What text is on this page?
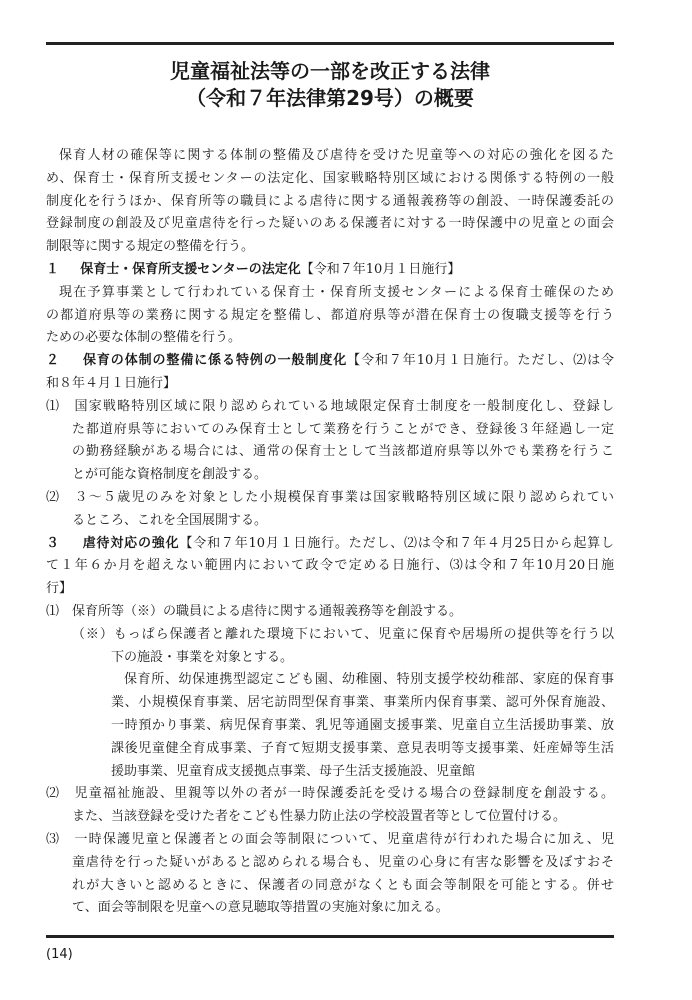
児童福祉法等の一部を改正する法律
（令和７年法律第29号）の概要
保育人材の確保等に関する体制の整備及び虐待を受けた児童等への対応の強化を図るた
め、保育士・保育所支援センターの法定化、国家戦略特別区域における関係する特例の一般
制度化を行うほか、保育所等の職員による虐待に関する通報義務等の創設、一時保護委託の
登録制度の創設及び児童虐待を行った疑いのある保護者に対する一時保護中の児童との面会
制限等に関する規定の整備を行う。
１ 保育士・保育所支援センターの法定化【令和７年10月１日施行】
現在予算事業として行われている保育士・保育所支援センターによる保育士確保のため
の都道府県等の業務に関する規定を整備し、都道府県等が潜在保育士の復職支援等を行う
ための必要な体制の整備を行う。
２ 保育の体制の整備に係る特例の一般制度化【令和７年10月１日施行。ただし、⑵は令
和８年４月１日施行】
⑴　国家戦略特別区域に限り認められている地域限定保育士制度を一般制度化し、登録し
た都道府県等においてのみ保育士として業務を行うことができ、登録後３年経過し一定
の勤務経験がある場合には、通常の保育士として当該都道府県等以外でも業務を行うこ
とが可能な資格制度を創設する。
⑵　３～５歳児のみを対象とした小規模保育事業は国家戦略特別区域に限り認められてい
るところ、これを全国展開する。
３ 虐待対応の強化【令和７年10月１日施行。ただし、⑵は令和７年４月25日から起算し
て１年６か月を超えない範囲内において政令で定める日施行、⑶は令和７年10月20日施
行】
⑴　保育所等（※）の職員による虐待に関する通報義務等を創設する。
（※）もっぱら保護者と離れた環境下において、児童に保育や居場所の提供等を行う以
下の施設・事業を対象とする。
保育所、幼保連携型認定こども園、幼稚園、特別支援学校幼稚部、家庭的保育事
業、小規模保育事業、居宅訪問型保育事業、事業所内保育事業、認可外保育施設、
一時預かり事業、病児保育事業、乳児等通園支援事業、児童自立生活援助事業、放
課後児童健全育成事業、子育て短期支援事業、意見表明等支援事業、妊産婦等生活
援助事業、児童育成支援拠点事業、母子生活支援施設、児童館
⑵　児童福祉施設、里親等以外の者が一時保護委託を受ける場合の登録制度を創設する。
また、当該登録を受けた者をこども性暴力防止法の学校設置者等として位置付ける。
⑶　一時保護児童と保護者との面会等制限について、児童虐待が行われた場合に加え、児
童虐待を行った疑いがあると認められる場合も、児童の心身に有害な影響を及ぼすおそ
れが大きいと認めるときに、保護者の同意がなくとも面会等制限を可能とする。併せ
て、面会等制限を児童への意見聴取等措置の実施対象に加える。
(14)
